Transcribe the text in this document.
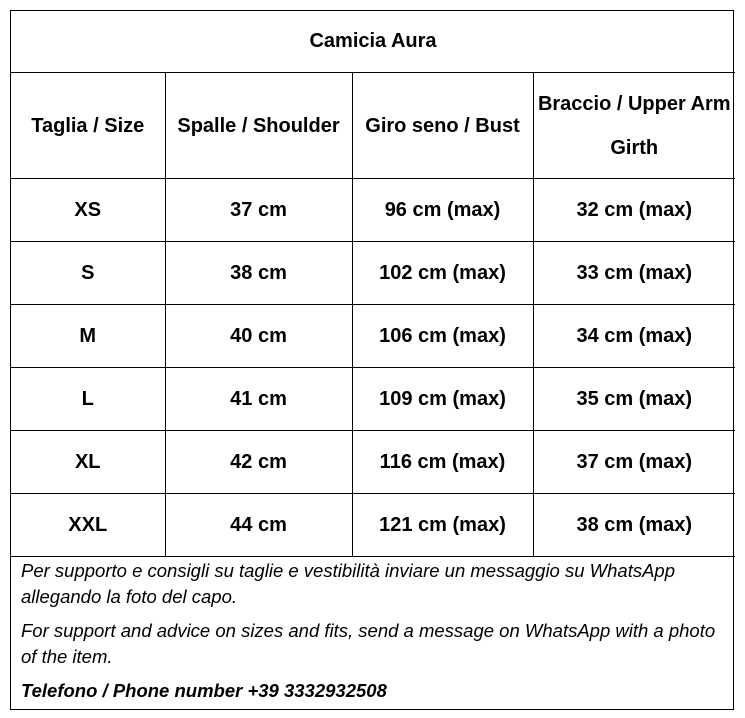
Camicia Aura			
Taglia / Size	Spalle / Shoulder	Giro seno / Bust	Braccio / Upper Arm Girth
XS	37 cm	96 cm (max)	32 cm (max)
S	38 cm	102 cm (max)	33 cm (max)
M	40 cm	106 cm (max)	34 cm (max)
L	41 cm	109 cm (max)	35 cm (max)
XL	42 cm	116 cm (max)	37 cm (max)
XXL	44 cm	121 cm (max)	38 cm (max)

Per supporto e consigli su taglie e vestibilità inviare un messaggio su WhatsApp allegando la foto del capo.

For support and advice on sizes and fits, send a message on WhatsApp with a photo of the item.

Telefono / Phone number +39 3332932508
